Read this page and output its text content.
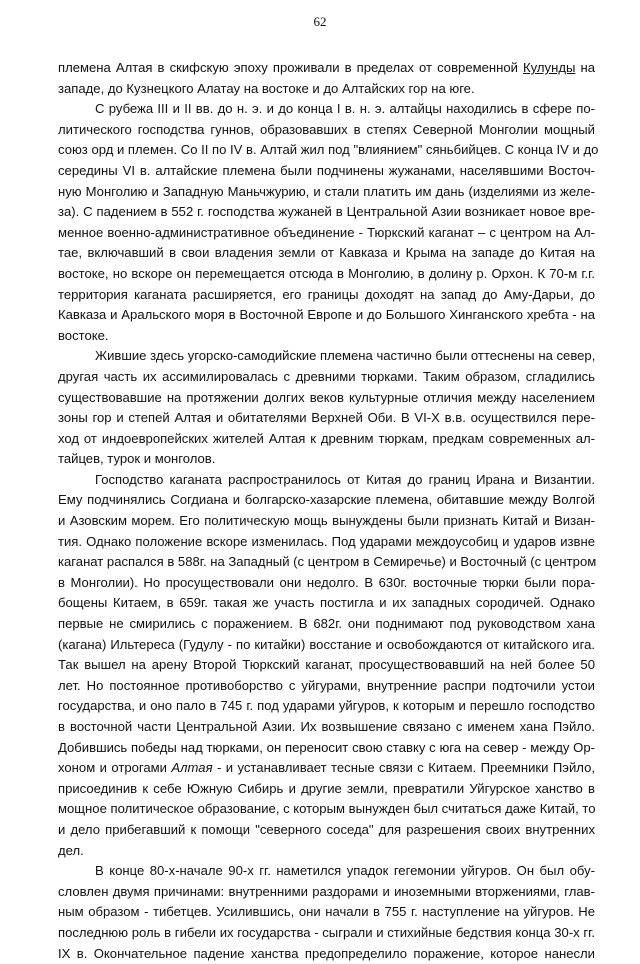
62
племена Алтая в скифскую эпоху проживали в пределах от современной Кулунды на
западе, до Кузнецкого Алатау на востоке и до Алтайских гор на юге.
С рубежа III и II вв. до н. э. и до конца I в. н. э. алтайцы находились в сфере по-
литического господства гуннов, образовавших в степях Северной Монголии мощный
союз орд и племен. Со II по IV в. Алтай жил под "влиянием" сяньбийцев. С конца IV и до
середины VI в. алтайские племена были подчинены жужанами, населявшими Восточ-
ную Монголию и Западную Маньчжурию, и стали платить им дань (изделиями из желе-
за). С падением в 552 г. господства жужаней в Центральной Азии возникает новое вре-
менное военно-административное объединение - Тюркский каганат – с центром на Ал-
тае, включавший в свои владения земли от Кавказа и Крыма на западе до Китая на
востоке, но вскоре он перемещается отсюда в Монголию, в долину р. Орхон. К 70-м г.г.
территория каганата расширяется, его границы доходят на запад до Аму-Дарьи, до
Кавказа и Аральского моря в Восточной Европе и до Большого Хинганского хребта - на
востоке.
Жившие здесь угорско-самодийские племена частично были оттеснены на север,
другая часть их ассимилировалась с древними тюрками. Таким образом, сгладились
существовавшие на протяжении долгих веков культурные отличия между населением
зоны гор и степей Алтая и обитателями Верхней Оби. В VI-X в.в. осуществился пере-
ход от индоевропейских жителей Алтая к древним тюркам, предкам современных ал-
тайцев, турок и монголов.
Господство каганата распространилось от Китая до границ Ирана и Византии.
Ему подчинялись Согдиана и болгарско-хазарские племена, обитавшие между Волгой
и Азовским морем. Его политическую мощь вынуждены были признать Китай и Визан-
тия. Однако положение вскоре изменилась. Под ударами междоусобиц и ударов извне
каганат распался в 588г. на Западный (с центром в Семиречье) и Восточный (с центром
в Монголии). Но просуществовали они недолго. В 630г. восточные тюрки были пора-
бощены Китаем, в 659г. такая же участь постигла и их западных сородичей. Однако
первые не смирились с поражением. В 682г. они поднимают под руководством хана
(кагана) Ильтереса (Гудулу - по китайки) восстание и освобождаются от китайского ига.
Так вышел на арену Второй Тюркский каганат, просуществовавший на ней более 50
лет. Но постоянное противоборство с уйгурами, внутренние распри подточили устои
государства, и оно пало в 745 г. под ударами уйгуров, к которым и перешло господство
в восточной части Центральной Азии. Их возвышение связано с именем хана Пэйло.
Добившись победы над тюрками, он переносит свою ставку с юга на север - между Ор-
хоном и отрогами Алтая - и устанавливает тесные связи с Китаем. Преемники Пэйло,
присоединив к себе Южную Сибирь и другие земли, превратили Уйгурское ханство в
мощное политическое образование, с которым вынужден был считаться даже Китай, то
и дело прибегавший к помощи "северного соседа" для разрешения своих внутренних
дел.
В конце 80-х-начале 90-х гг. наметился упадок гегемонии уйгуров. Он был обу-
словлен двумя причинами: внутренними раздорами и иноземными вторжениями, глав-
ным образом - тибетцев. Усилившись, они начали в 755 г. наступление на уйгуров. Не
последнюю роль в гибели их государства - сыграли и стихийные бедствия конца 30-х гг.
IX в. Окончательное падение ханства предопределило поражение, которое нанесли
